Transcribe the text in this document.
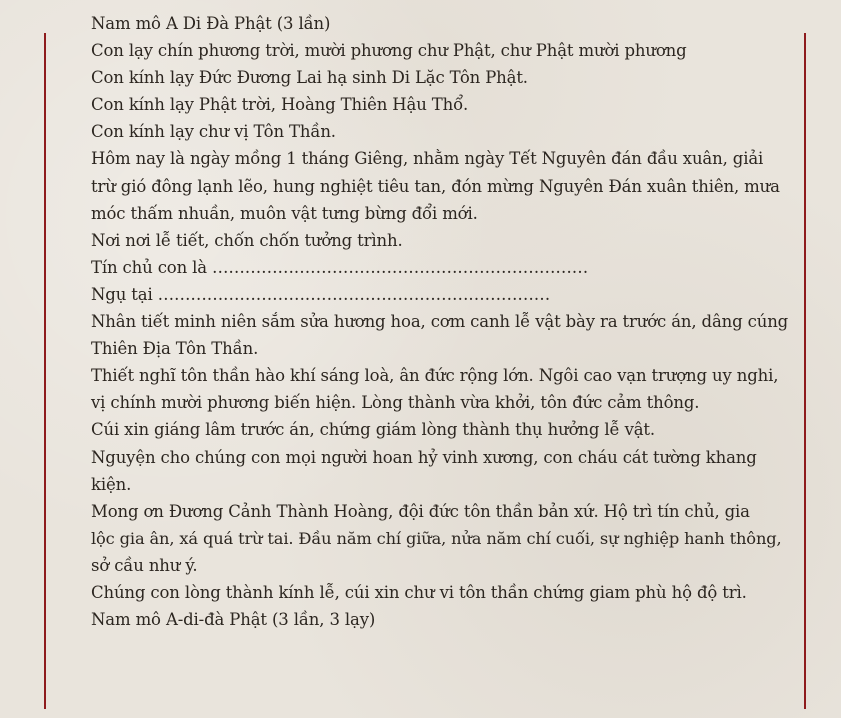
Nam mô A Di Đà Phật (3 lần)
Con lạy chín phương trời, mười phương chư Phật, chư Phật mười phương
Con kính lạy Đức Đương Lai hạ sinh Di Lặc Tôn Phật.
Con kính lạy Phật trời, Hoàng Thiên Hậu Thổ.
Con kính lạy chư vị Tôn Thần.
Hôm nay là ngày mồng 1 tháng Giêng, nhằm ngày Tết Nguyên đán đầu xuân, giải
trừ gió đông lạnh lẽo, hung nghiệt tiêu tan, đón mừng Nguyên Đán xuân thiên, mưa
móc thấm nhuần, muôn vật tưng bừng đổi mới.
Nơi nơi lễ tiết, chốn chốn tưởng trình.
Tín chủ con là ……………………………………………………………
Ngụ tại ………………………………………………………………
Nhân tiết minh niên sắm sửa hương hoa, cơm canh lễ vật bày ra trước án, dâng cúng
Thiên Địa Tôn Thần.
Thiết nghĩ tôn thần hào khí sáng loà, ân đức rộng lớn. Ngôi cao vạn trượng uy nghi,
vị chính mười phương biến hiện. Lòng thành vừa khởi, tôn đức cảm thông.
Cúi xin giáng lâm trước án, chứng giám lòng thành thụ hưởng lễ vật.
Nguyện cho chúng con mọi người hoan hỷ vinh xương, con cháu cát tường khang
kiện.
Mong ơn Đương Cảnh Thành Hoàng, đội đức tôn thần bản xứ. Hộ trì tín chủ, gia
lộc gia ân, xá quá trừ tai. Đầu năm chí giữa, nửa năm chí cuối, sự nghiệp hanh thông,
sở cầu như ý.
Chúng con lòng thành kính lễ, cúi xin chư vi tôn thần chứng giam phù hộ độ trì.
Nam mô A-di-đà Phật (3 lần, 3 lạy)
